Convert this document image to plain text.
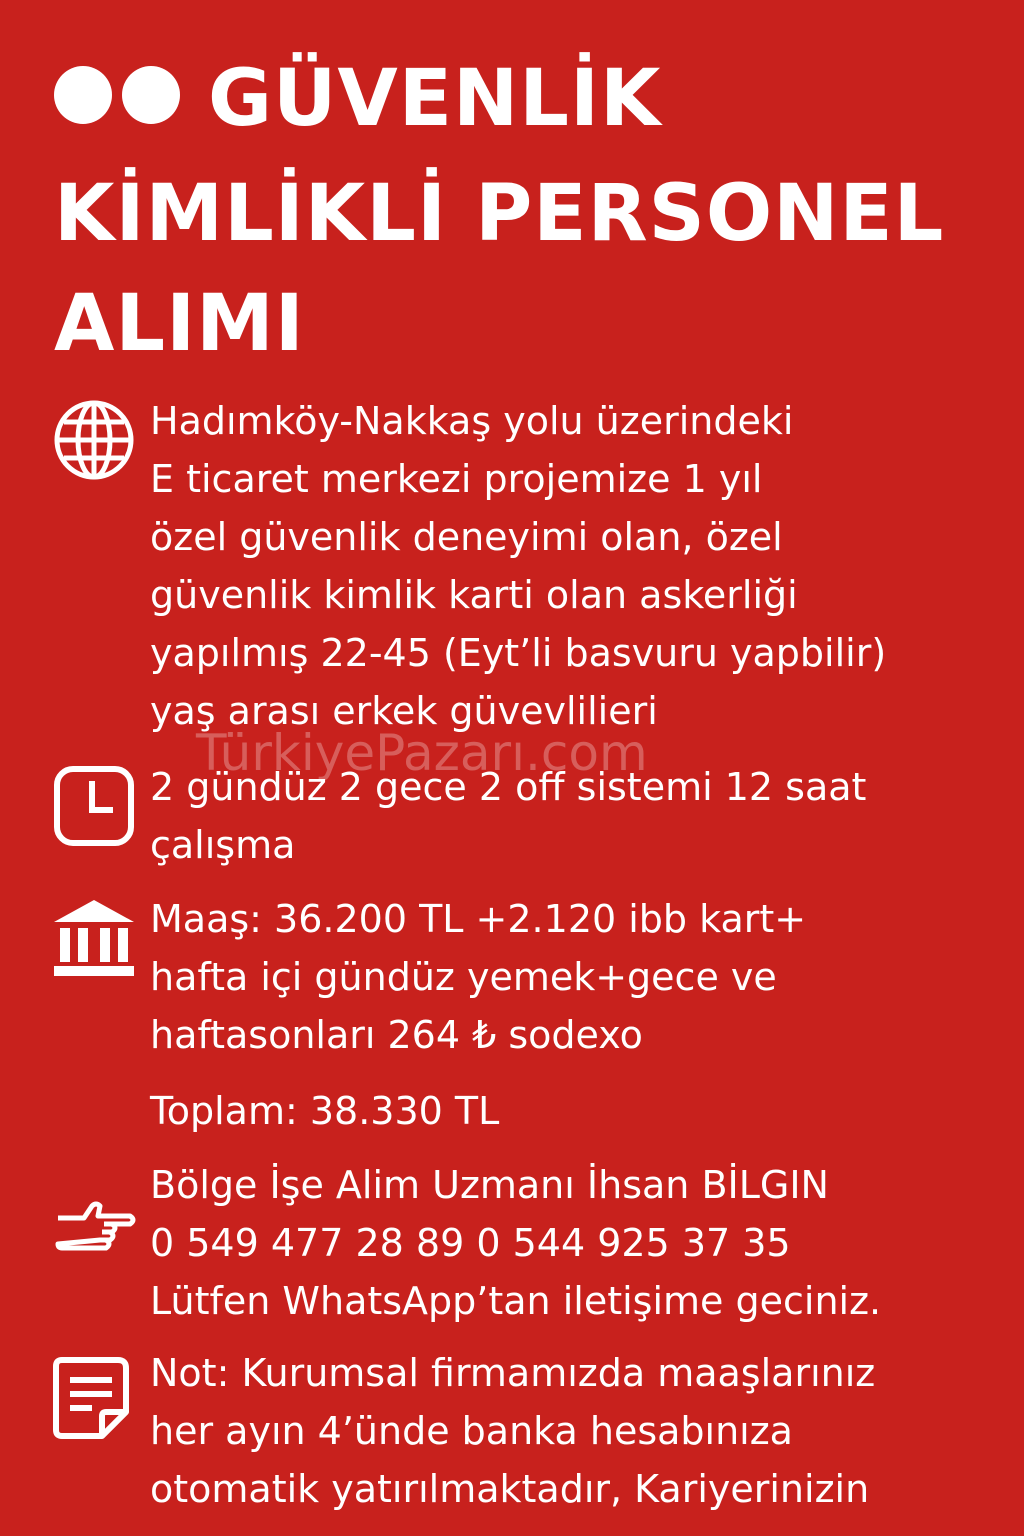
GÜVENLİK
KİMLİKLİ PERSONEL
ALIMI
Hadımköy-Nakkaş yolu üzerindeki
E ticaret merkezi projemize 1 yıl
özel güvenlik deneyimi olan, özel
güvenlik kimlik karti olan askerliği
yapılmış 22-45 (Eyt’li basvuru yapbilir)
yaş arası erkek güvevlilieri
TürkiyePazarı.com
2 gündüz 2 gece 2 off sistemi 12 saat
çalışma
Maaş: 36.200 TL +2.120 ibb kart+
hafta içi gündüz yemek+gece ve
haftasonları 264 ₺ sodexo
Toplam: 38.330 TL
Bölge İşe Alim Uzmanı İhsan BİLGIN
0 549 477 28 89 0 544 925 37 35
Lütfen WhatsApp’tan iletişime geciniz.
Not: Kurumsal firmamızda maaşlarınız
her ayın 4’ünde banka hesabınıza
otomatik yatırılmaktadır, Kariyerinizin
